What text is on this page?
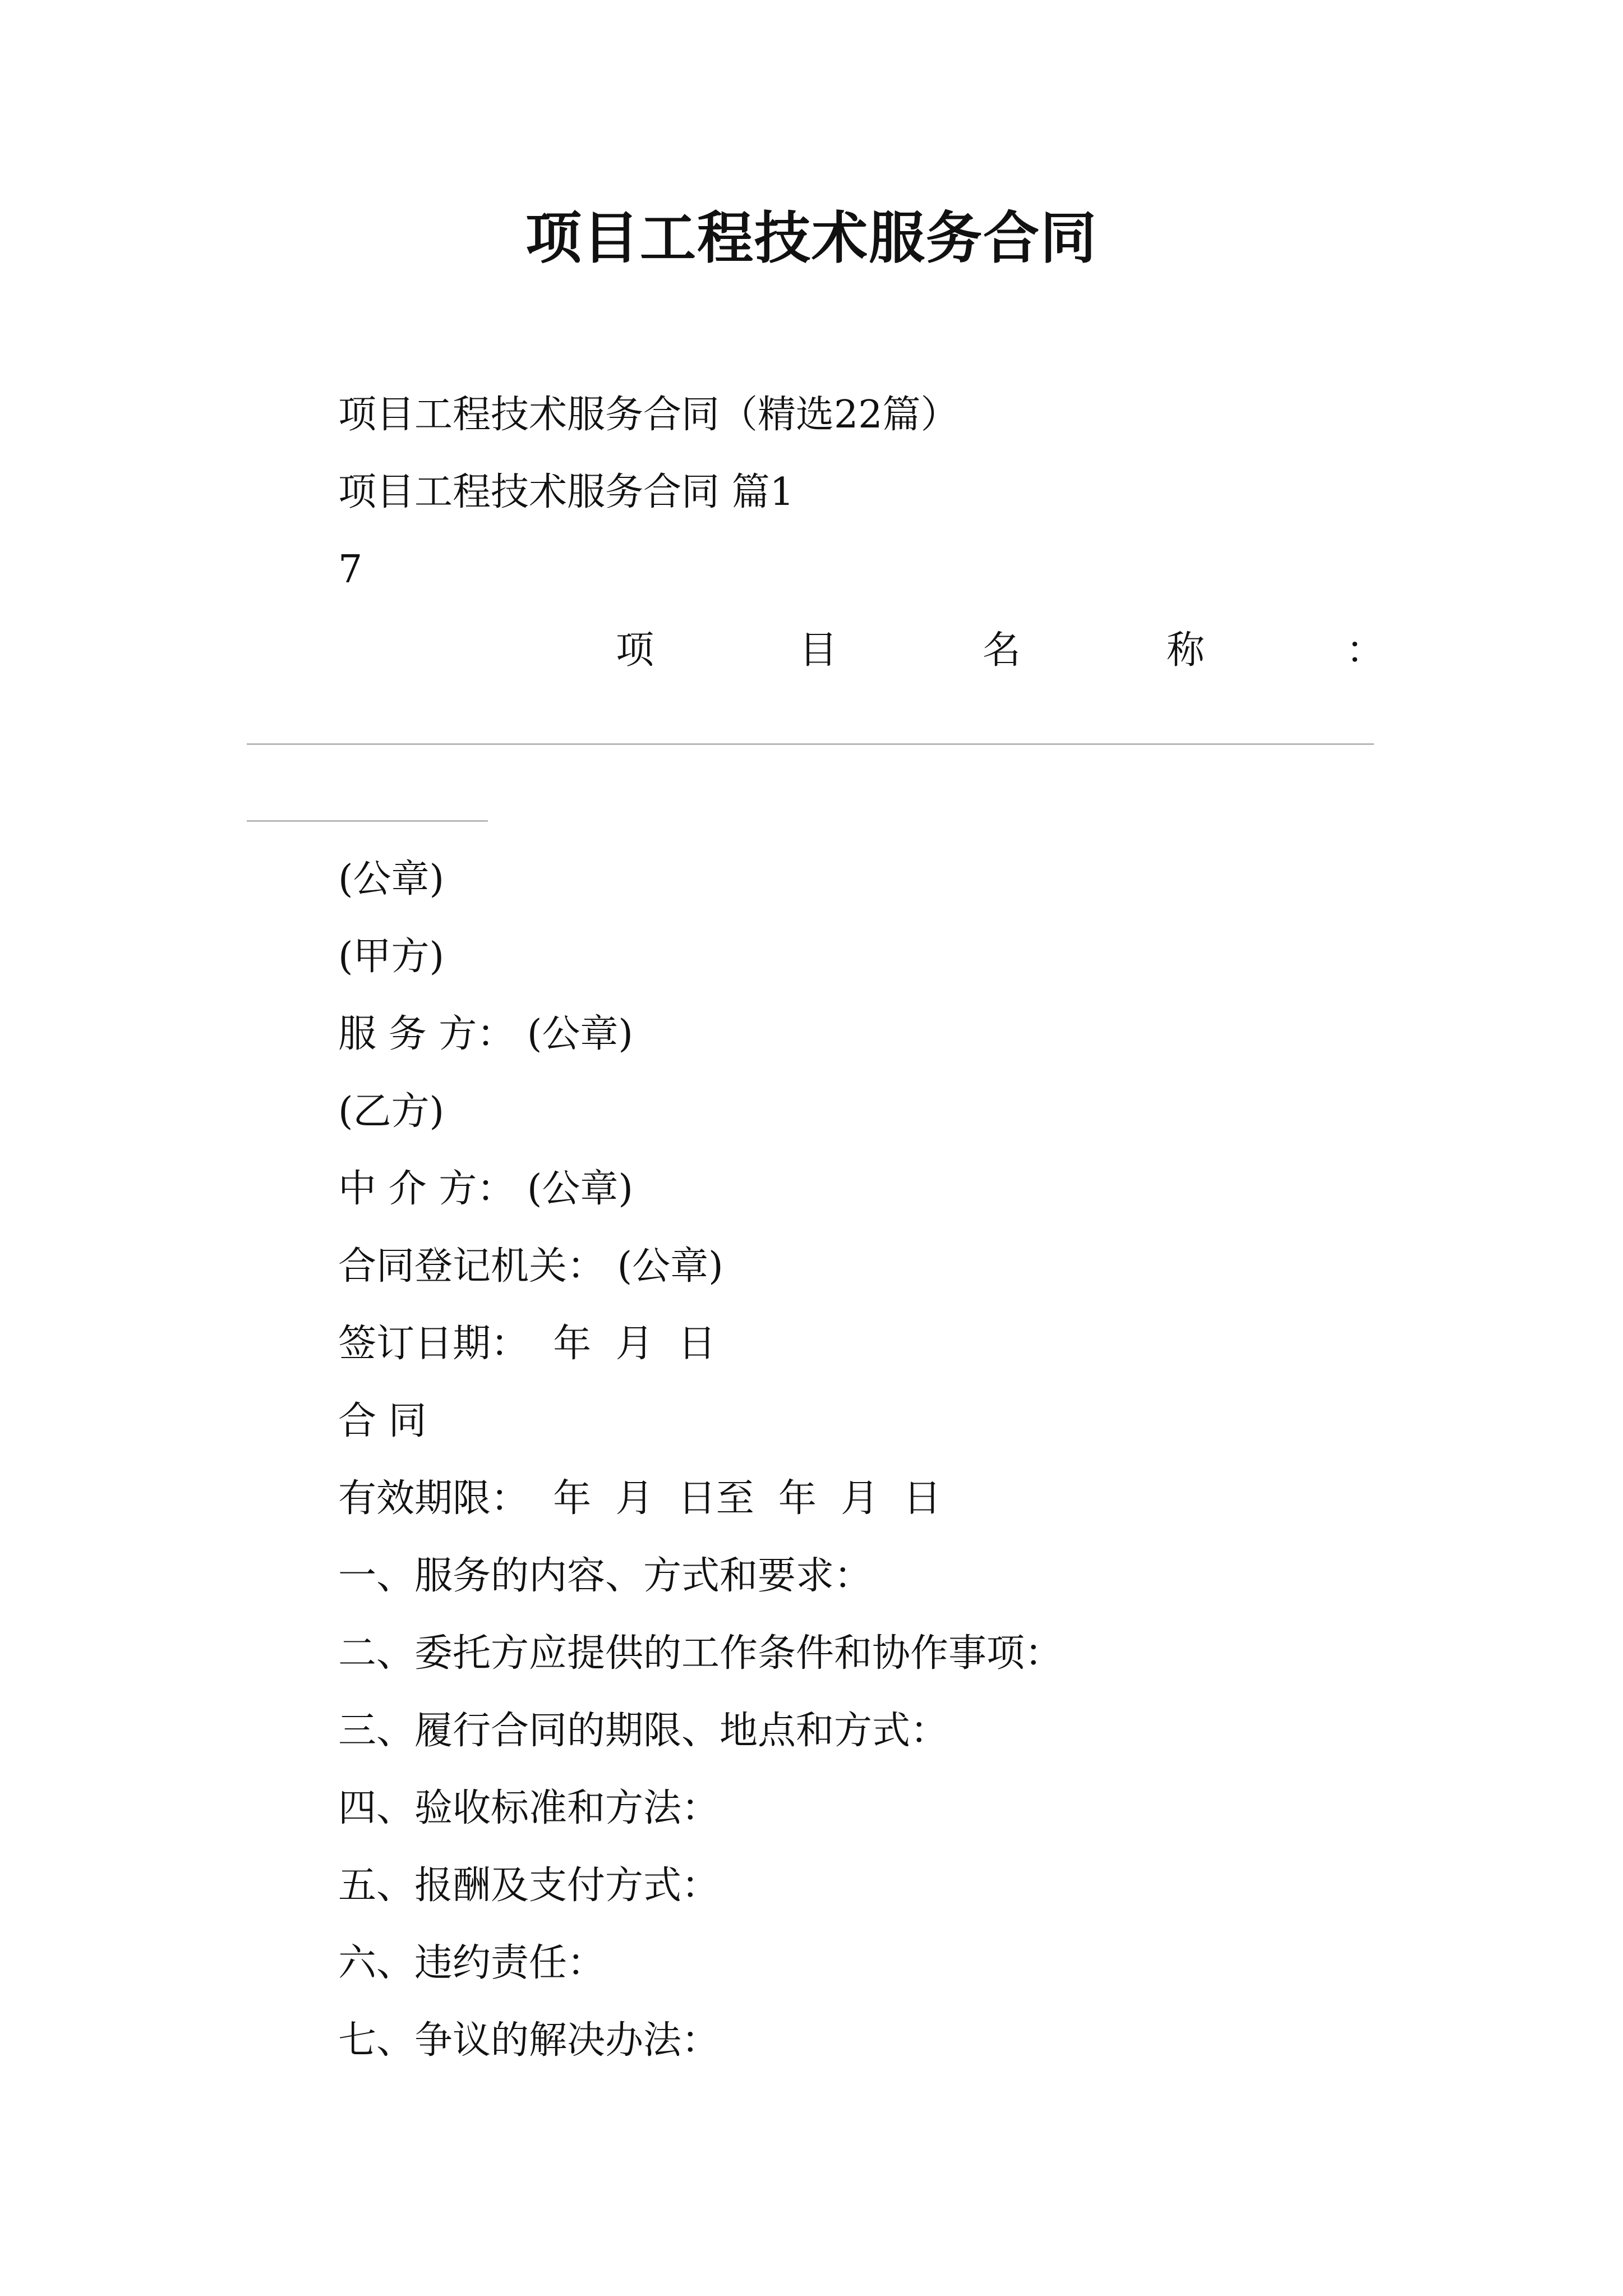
项目工程技术服务合同

项目工程技术服务合同（精选22篇）

项目工程技术服务合同 篇1

7

项	目	名	称	：

(公章)

(甲方)

服 务 方： (公章)

(乙方)

中 介 方： (公章)

合同登记机关： (公章)

签订日期：  年  月  日

合 同

有效期限：  年  月  日至  年  月  日

一、服务的内容、方式和要求：

二、委托方应提供的工作条件和协作事项：

三、履行合同的期限、地点和方式：

四、验收标准和方法：

五、报酬及支付方式：

六、违约责任：

七、争议的解决办法：
